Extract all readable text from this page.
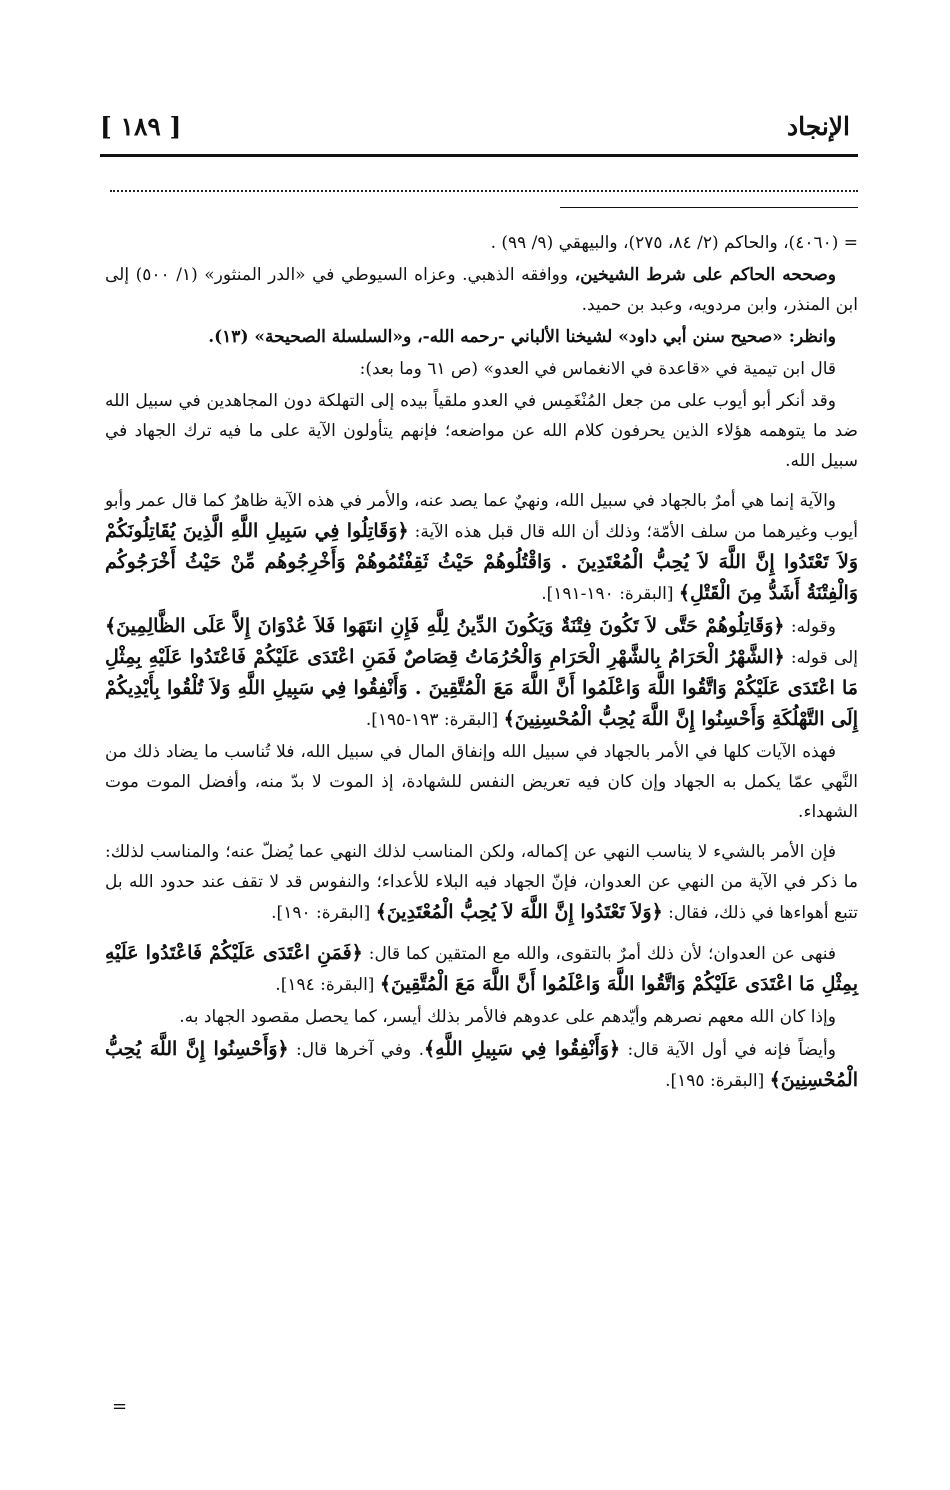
[ ١٨٩ ]	الإنجاد

= (٤٠٦٠)، والحاكم (٢/ ٨٤، ٢٧٥)، والبيهقي (٩/ ٩٩) .

وصححه الحاكم على شرط الشيخين، ووافقه الذهبي. وعزاه السيوطي في «الدر المنثور» (١/ ٥٠٠) إلى ابن المنذر، وابن مردويه، وعبد بن حميد.

وانظر: «صحيح سنن أبي داود» لشيخنا الألباني -رحمه الله-، و«السلسلة الصحيحة» (١٣).

قال ابن تيمية في «قاعدة في الانغماس في العدو» (ص ٦١ وما بعد):

وقد أنكر أبو أيوب على من جعل المُنْغَمِس في العدو ملقياً بيده إلى التهلكة دون المجاهدين في سبيل الله ضد ما يتوهمه هؤلاء الذين يحرفون كلام الله عن مواضعه؛ فإنهم يتأولون الآية على ما فيه ترك الجهاد في سبيل الله.

والآية إنما هي أمرٌ بالجهاد في سبيل الله، ونهيٌ عما يصد عنه، والأمر في هذه الآية ظاهرٌ كما قال عمر وأبو أيوب وغيرهما من سلف الأمّة؛ وذلك أن الله قال قبل هذه الآية: ﴿وَقَاتِلُوا فِي سَبِيلِ اللَّهِ الَّذِينَ يُقَاتِلُونَكُمْ وَلاَ تَعْتَدُوا إِنَّ اللَّهَ لاَ يُحِبُّ الْمُعْتَدِينَ . وَاقْتُلُوهُمْ حَيْثُ ثَقِفْتُمُوهُمْ وَأَخْرِجُوهُم مِّنْ حَيْثُ أَخْرَجُوكُم وَالْفِتْنَةُ أَشَدُّ مِنَ الْقَتْلِ﴾ [البقرة: ١٩٠-١٩١].

وقوله: ﴿وَقَاتِلُوهُمْ حَتَّى لاَ تَكُونَ فِتْنَةٌ وَيَكُونَ الدِّينُ لِلَّهِ فَإِنِ انتَهَوا فَلاَ عُدْوَانَ إِلاَّ عَلَى الظَّالِمِينَ﴾ إلى قوله: ﴿الشَّهْرُ الْحَرَامُ بِالشَّهْرِ الْحَرَامِ وَالْحُرُمَاتُ قِصَاصٌ فَمَنِ اعْتَدَى عَلَيْكُمْ فَاعْتَدُوا عَلَيْهِ بِمِثْلِ مَا اعْتَدَى عَلَيْكُمْ وَاتَّقُوا اللَّهَ وَاعْلَمُوا أَنَّ اللَّهَ مَعَ الْمُتَّقِينَ . وَأَنْفِقُوا فِي سَبِيلِ اللَّهِ وَلاَ تُلْقُوا بِأَيْدِيكُمْ إِلَى التَّهْلُكَةِ وَأَحْسِنُوا إِنَّ اللَّهَ يُحِبُّ الْمُحْسِنِينَ﴾ [البقرة: ١٩٣-١٩٥].

فهذه الآيات كلها في الأمر بالجهاد في سبيل الله وإنفاق المال في سبيل الله، فلا تُناسب ما يضاد ذلك من النَّهي عمّا يكمل به الجهاد وإن كان فيه تعريض النفس للشهادة، إذ الموت لا بدّ منه، وأفضل الموت موت الشهداء.

فإن الأمر بالشيء لا يناسب النهي عن إكماله، ولكن المناسب لذلك النهي عما يُضلّ عنه؛ والمناسب لذلك: ما ذكر في الآية من النهي عن العدوان، فإنّ الجهاد فيه البلاء للأعداء؛ والنفوس قد لا تقف عند حدود الله بل تتبع أهواءها في ذلك، فقال: ﴿وَلاَ تَعْتَدُوا إِنَّ اللَّهَ لاَ يُحِبُّ الْمُعْتَدِينَ﴾ [البقرة: ١٩٠].

فنهى عن العدوان؛ لأن ذلك أمرٌ بالتقوى، والله مع المتقين كما قال: ﴿فَمَنِ اعْتَدَى عَلَيْكُمْ فَاعْتَدُوا عَلَيْهِ بِمِثْلِ مَا اعْتَدَى عَلَيْكُمْ وَاتَّقُوا اللَّهَ وَاعْلَمُوا أَنَّ اللَّهَ مَعَ الْمُتَّقِينَ﴾ [البقرة: ١٩٤].

وإذا كان الله معهم نصرهم وأيّدهم على عدوهم فالأمر بذلك أيسر، كما يحصل مقصود الجهاد به.

وأيضاً فإنه في أول الآية قال: ﴿وَأَنْفِقُوا فِي سَبِيلِ اللَّهِ﴾. وفي آخرها قال: ﴿وَأَحْسِنُوا إِنَّ اللَّهَ يُحِبُّ الْمُحْسِنِينَ﴾ [البقرة: ١٩٥].

=
